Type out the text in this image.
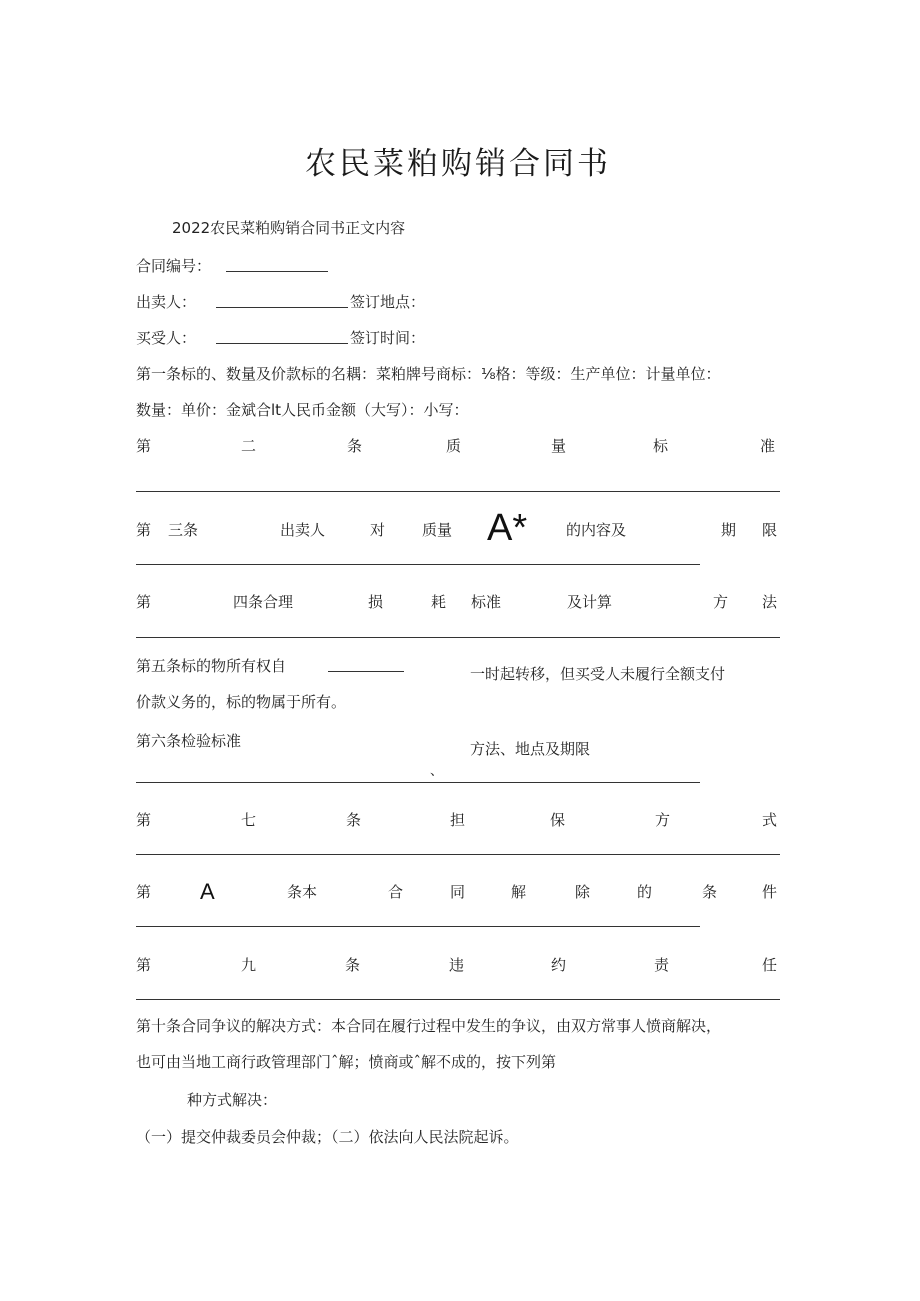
农民菜粕购销合同书
2022农民菜粕购销合同书正文内容
合同编号：
出卖人：	签订地点：
买受人：	签订时间：
第一条标的、数量及价款标的名耦：菜粕牌号商标：⅛格：等级：生产单位：计量单位：
数量：单价：金斌合lt人民币金额（大写）：小写：
第	二	条	质	量	标	准
第 三条	出卖人	对 质量 A*	的内容及	期 限
第	四条合理	损	耗 标准	及计算	方 法
第五条标的物所有权自	一时起转移，但买受人未履行全额支付
价款义务的，标的物属于所有。
第六条检验标准	方法、地点及期限
、
第	七	条	担	保	方	式
第 A	条本	合	同	解	除	的	条	件
第	九	条	违	约	责	任
第十条合同争议的解决方式：本合同在履行过程中发生的争议，由双方常事人愤商解决，
也可由当地工商行政管理部门ˆ解；愤商或ˆ解不成的，按下列第
种方式解决：
（一）提交仲裁委员会仲裁；（二）依法向人民法院起诉。
